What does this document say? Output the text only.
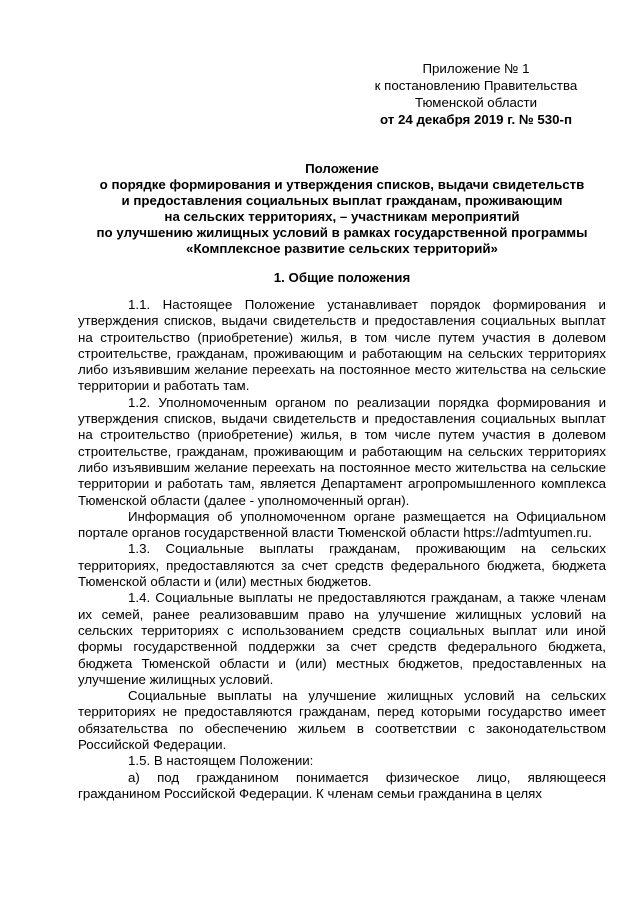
Приложение № 1
к постановлению Правительства
Тюменской области
от 24 декабря 2019 г. № 530-п
Положение
о порядке формирования и утверждения списков, выдачи свидетельств
и предоставления социальных выплат гражданам, проживающим
на сельских территориях, – участникам мероприятий
по улучшению жилищных условий в рамках государственной программы
«Комплексное развитие сельских территорий»
1. Общие положения

1.1. Настоящее Положение устанавливает порядок формирования и утверждения списков, выдачи свидетельств и предоставления социальных выплат на строительство (приобретение) жилья, в том числе путем участия в долевом строительстве, гражданам, проживающим и работающим на сельских территориях либо изъявившим желание переехать на постоянное место жительства на сельские территории и работать там.

1.2. Уполномоченным органом по реализации порядка формирования и утверждения списков, выдачи свидетельств и предоставления социальных выплат на строительство (приобретение) жилья, в том числе путем участия в долевом строительстве, гражданам, проживающим и работающим на сельских территориях либо изъявившим желание переехать на постоянное место жительства на сельские территории и работать там, является Департамент агропромышленного комплекса Тюменской области (далее - уполномоченный орган).

Информация об уполномоченном органе размещается на Официальном портале органов государственной власти Тюменской области https://admtyumen.ru.

1.3. Социальные выплаты гражданам, проживающим на сельских территориях, предоставляются за счет средств федерального бюджета, бюджета Тюменской области и (или) местных бюджетов.

1.4. Социальные выплаты не предоставляются гражданам, а также членам их семей, ранее реализовавшим право на улучшение жилищных условий на сельских территориях с использованием средств социальных выплат или иной формы государственной поддержки за счет средств федерального бюджета, бюджета Тюменской области и (или) местных бюджетов, предоставленных на улучшение жилищных условий.

Социальные выплаты на улучшение жилищных условий на сельских территориях не предоставляются гражданам, перед которыми государство имеет обязательства по обеспечению жильем в соответствии с законодательством Российской Федерации.

1.5. В настоящем Положении:

а) под гражданином понимается физическое лицо, являющееся гражданином Российской Федерации. К членам семьи гражданина в целях
